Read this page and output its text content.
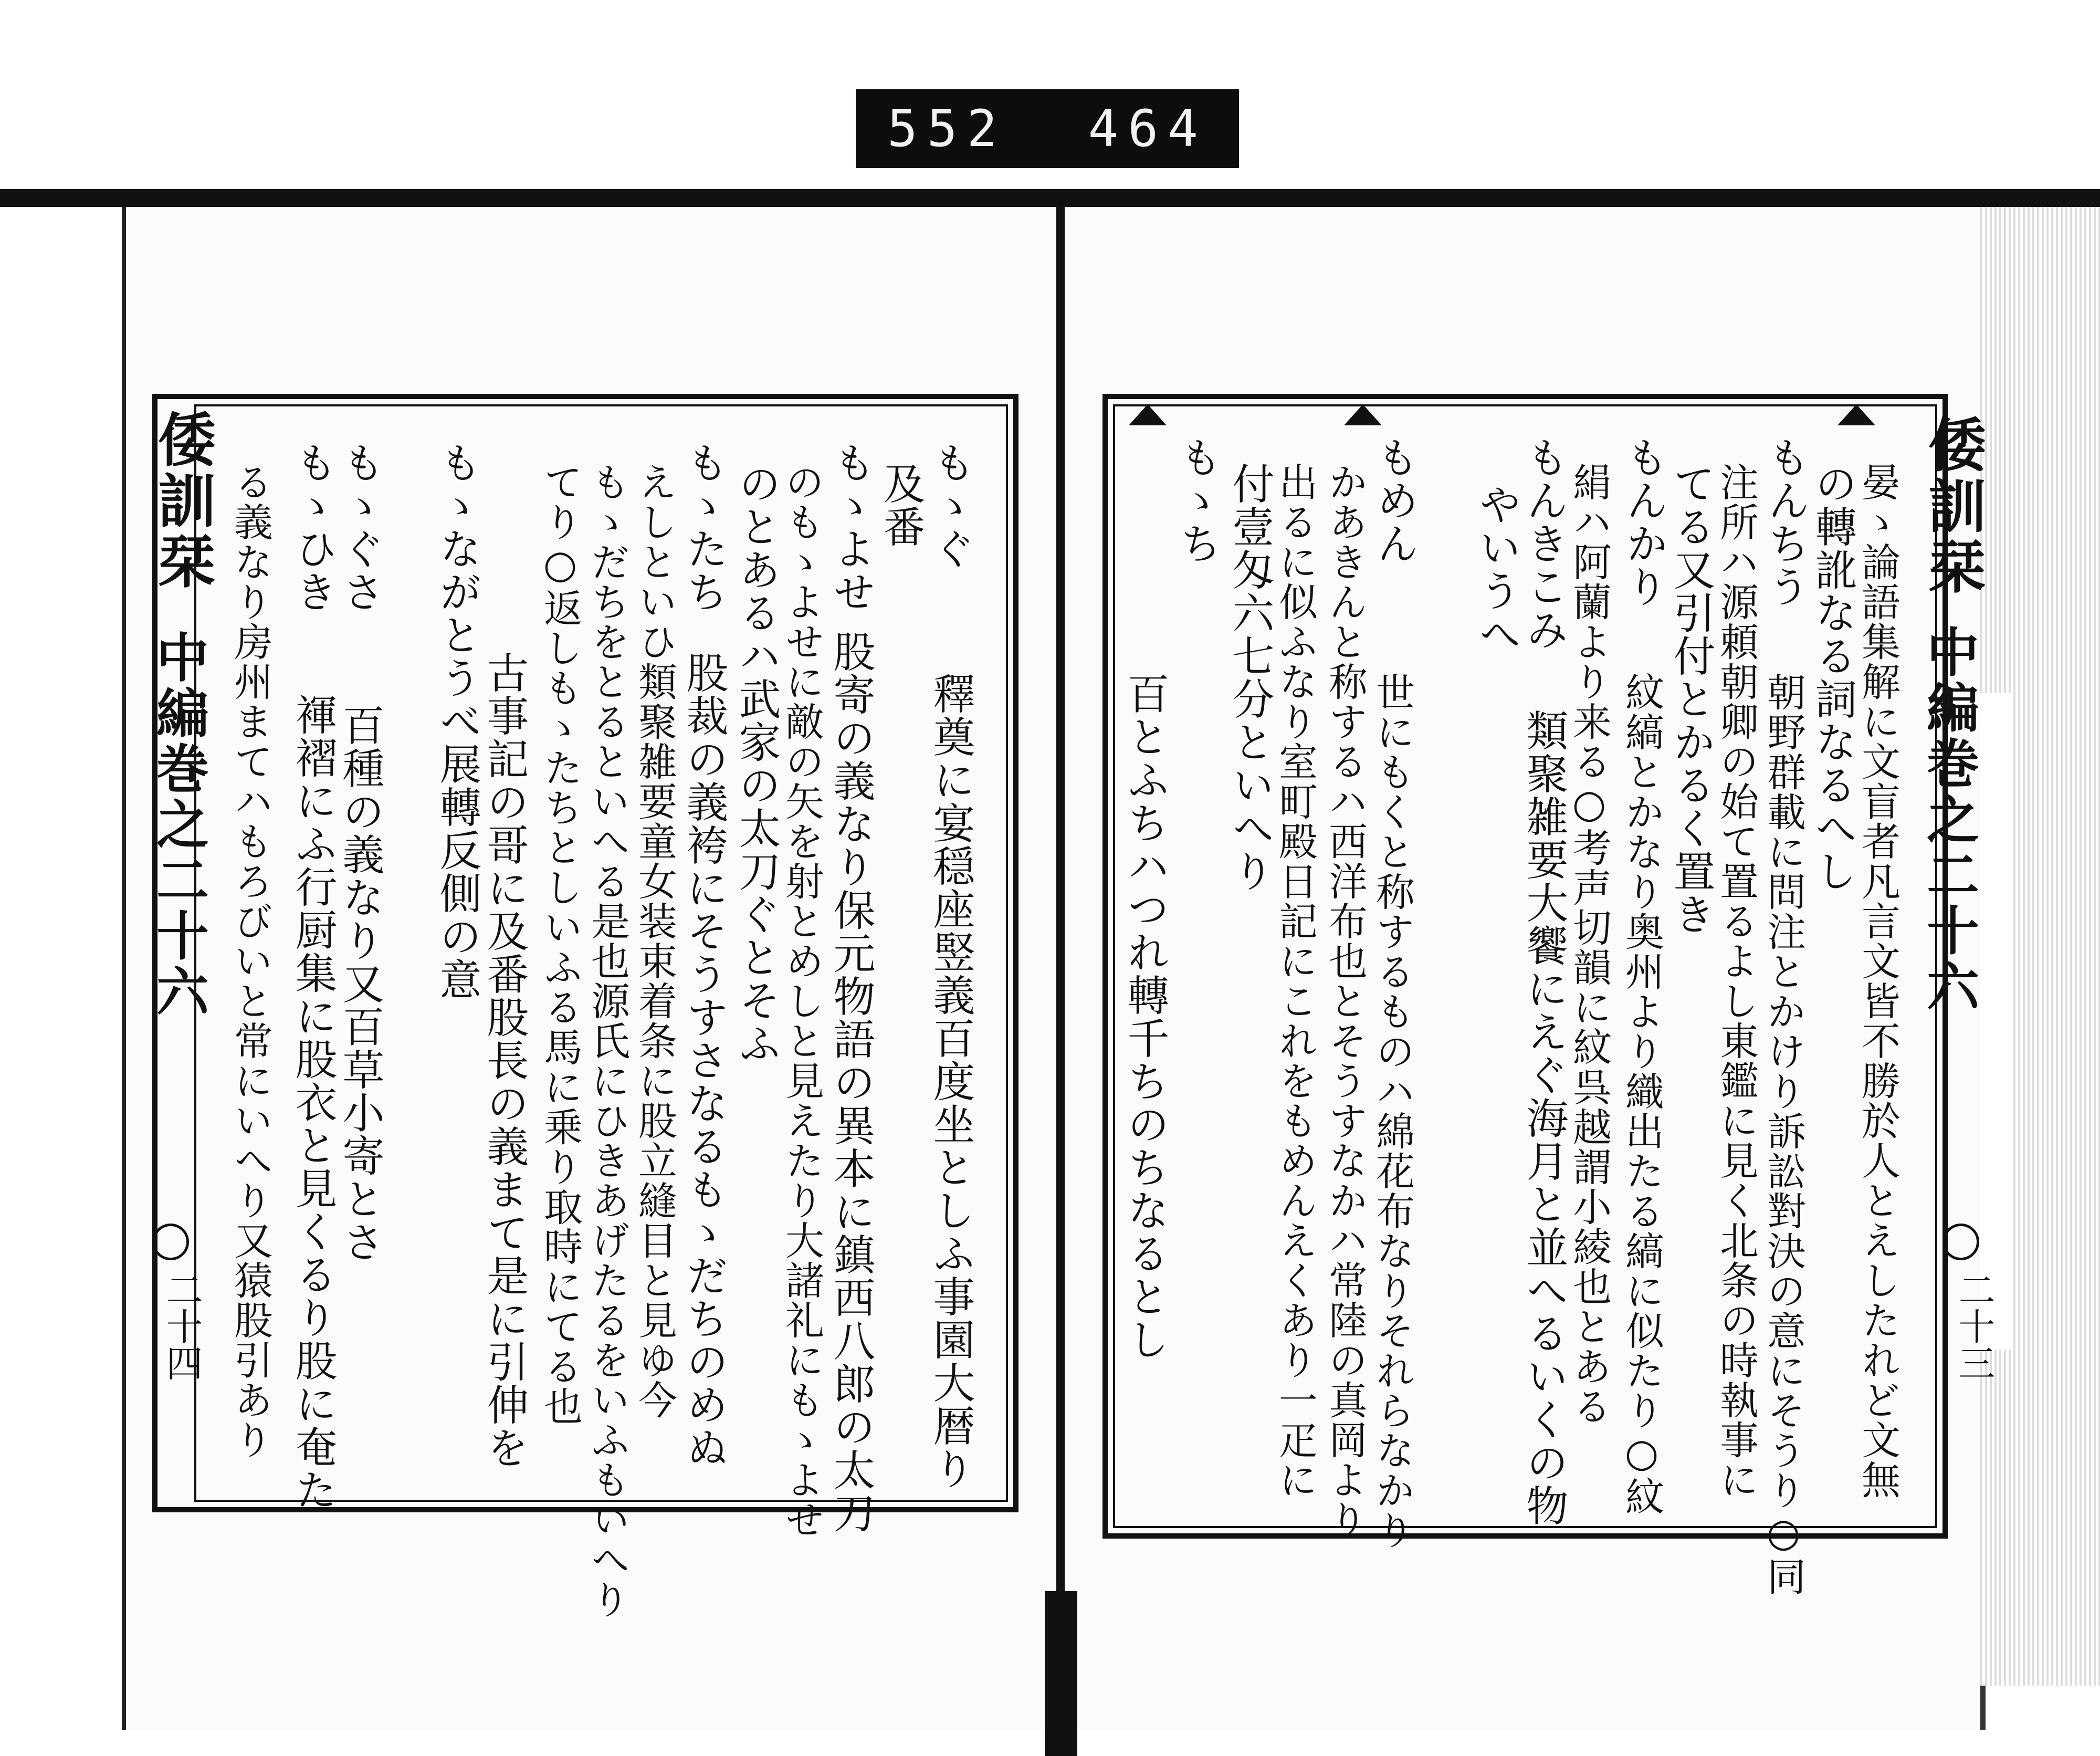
552 464
倭訓栞
中編巻之二十六
二十四
もゝぐ
釋奠に宴穏座竪義百度坐としふ事園大暦り
及番
もゝよせ
股寄の義なり保元物語の異本に鎮西八郎の太刀
のもゝよせに敵の矢を射とめしと見えたり大諸礼にもゝよせ
のとあるハ武家の太刀ぐとそふ
もゝたち
股裁の義袴にそうすさなるもゝだちのめぬ
えしといひ類聚雑要童女装束着条に股立縫目と見ゆ今
もゝだちをとるといへる是也源氏にひきあげたるをいふもいへり
てり○返しもゝたちとしいふる馬に乗り取時にてる也
古事記の哥に及番股長の義まて是に引伸を
もゝながとうべ展轉反側の意
百種の義なり又百草小寄とさ
もゝぐさ
褌褶にふ行厨集に股衣と見くるり股に奄た
もゝひき
る義なり房州まてハもろびいと常にいへり又猿股引あり	倭訓栞
中編巻之二十六
二十三
晏ゝ論語集解に文盲者凡言文皆不勝於人とえしたれど文無
の轉訛なる詞なるへし
もんちう
朝野群載に問注とかけり訴訟對決の意にそうり○同
注所ハ源頼朝卿の始て置るよし東鑑に見く北条の時執事に
てる又引付とかるく置き
もんかり
紋縞とかなり奥州より織出たる縞に似たり○紋
絹ハ阿蘭より来る○考声切韻に紋呉越謂小綾也とある
もんきこみ
類聚雑要大饗にえぐ海月と並へるいくの物
やいうへ
もめん
世にもくと称するものハ綿花布なりそれらなかり
かあきんと称するハ西洋布也とそうすなかハ常陸の真岡より
出るに似ふなり室町殿日記にこれをもめんえくあり一疋に
付壹匁六七分といへり
もゝち
百とふちハつれ轉千ちのちなるとし
